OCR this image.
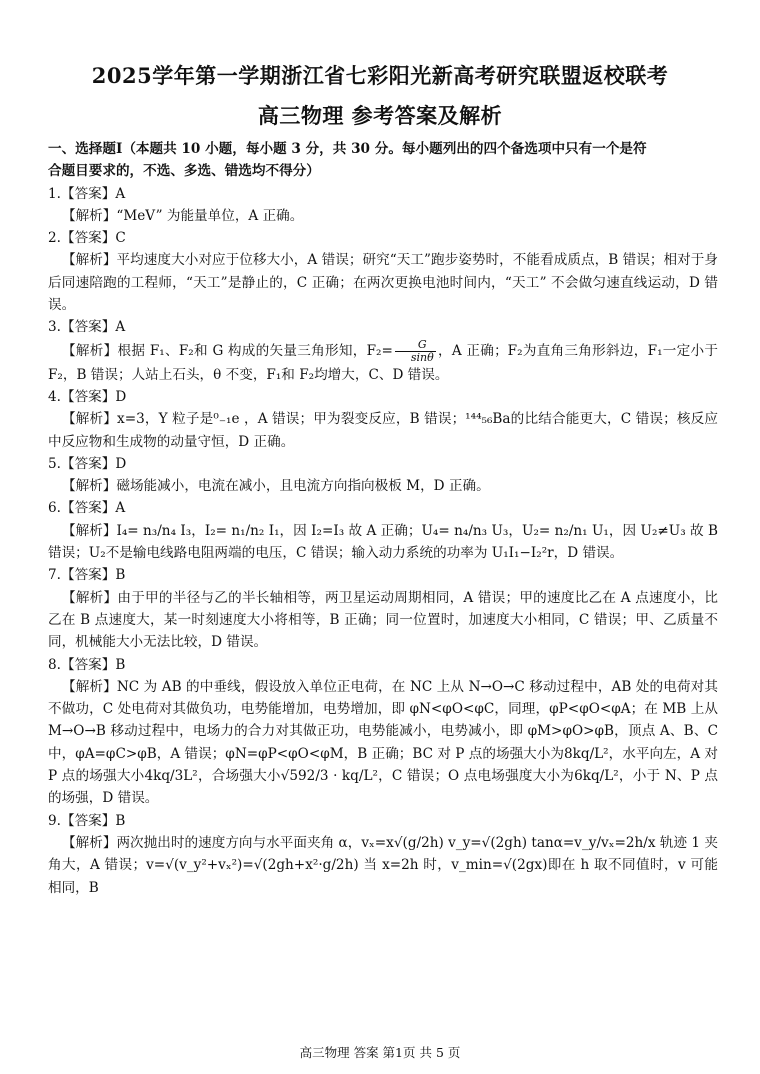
2025学年第一学期浙江省七彩阳光新高考研究联盟返校联考
高三物理 参考答案及解析
一、选择题Ⅰ（本题共 10 小题，每小题 3 分，共 30 分。每小题列出的四个备选项中只有一个是符
合题目要求的，不选、多选、错选均不得分）

1.【答案】A

【解析】“MeV” 为能量单位，A 正确。

2.【答案】C

【解析】平均速度大小对应于位移大小，A 错误；研究“天工”跑步姿势时，不能看成质点，B 错误；相对于身后同速陪跑的工程师，“天工”是静止的，C 正确；在两次更换电池时间内，“天工” 不会做匀速直线运动，D 错误。

3.【答案】A

【解析】根据 F₁、F₂和 G 构成的矢量三角形知，$F_2= \frac{G}{\sin\theta}$ ，A 正确；F₂为直角三角形斜边，F₁一定小于 F₂，B 错误；人站上石头，θ 不变，F₁和 F₂均增大，C、D 错误。

4.【答案】D

【解析】x=3，Y 粒子是⁰₋₁e ，A 错误；甲为裂变反应，B 错误；¹⁴⁴₅₆Ba的比结合能更大，C 错误；核反应中反应物和生成物的动量守恒，D 正确。

5.【答案】D

【解析】磁场能减小，电流在减小，且电流方向指向极板 M，D 正确。

6.【答案】A

【解析】I₄= n₃/n₄ I₃，I₂= n₁/n₂ I₁，因 I₂=I₃ 故 A 正确；U₄= n₄/n₃ U₃，U₂= n₂/n₁ U₁，因 U₂≠U₃ 故 B 错误；U₂不是输电线路电阻两端的电压，C 错误；输入动力系统的功率为 U₁I₁−I₂²r，D 错误。

7.【答案】B

【解析】由于甲的半径与乙的半长轴相等，两卫星运动周期相同，A 错误；甲的速度比乙在 A 点速度小，比乙在 B 点速度大，某一时刻速度大小将相等，B 正确；同一位置时，加速度大小相同，C 错误；甲、乙质量不同，机械能大小无法比较，D 错误。

8.【答案】B

【解析】NC 为 AB 的中垂线，假设放入单位正电荷，在 NC 上从 N→O→C 移动过程中，AB 处的电荷对其不做功，C 处电荷对其做负功，电势能增加，电势增加，即 φN<φO<φC，同理，φP<φO<φA；在 MB 上从 M→O→B 移动过程中，电场力的合力对其做正功，电势能减小，电势减小，即 φM>φO>φB，顶点 A、B、C 中，φA=φC>φB，A 错误；φN=φP<φO<φM，B 正确；BC 对 P 点的场强大小为8kq/L²，水平向左，A 对 P 点的场强大小4kq/3L²，合场强大小√592/3 · kq/L²，C 错误；O 点电场强度大小为6kq/L²，小于 N、P 点的场强，D 错误。

9.【答案】B

【解析】两次抛出时的速度方向与水平面夹角 α，vₓ=x√(g/2h) v_y=√(2gh) tanα=v_y/vₓ=2h/x 轨迹 1 夹角大，A 错误；v=√(v_y²+vₓ²)=√(2gh+x²·g/2h) 当 x=2h 时，v_min=√(2gx)即在 h 取不同值时，v 可能相同，B

高三物理 答案 第1页 共 5 页
